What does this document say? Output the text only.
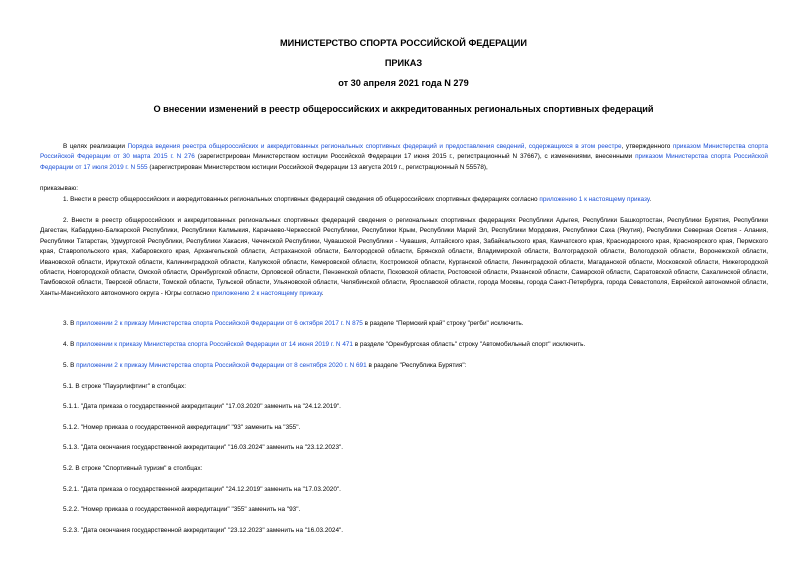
МИНИСТЕРСТВО СПОРТА РОССИЙСКОЙ ФЕДЕРАЦИИ
ПРИКАЗ
от 30 апреля 2021 года N 279
О внесении изменений в реестр общероссийских и аккредитованных региональных спортивных федераций

В целях реализации Порядка ведения реестра общероссийских и аккредитованных региональных спортивных федераций и предоставления сведений, содержащихся в этом реестре, утвержденного приказом Министерства спорта Российской Федерации от 30 марта 2015 г. N 276 (зарегистрирован Министерством юстиции Российской Федерации 17 июня 2015 г., регистрационный N 37667), с изменениями, внесенными приказом Министерства спорта Российской Федерации от 17 июля 2019 г. N 555 (зарегистрирован Министерством юстиции Российской Федерации 13 августа 2019 г., регистрационный N 55578),

приказываю:

1. Внести в реестр общероссийских и аккредитованных региональных спортивных федераций сведения об общероссийских спортивных федерациях согласно приложению 1 к настоящему приказу.

2. Внести в реестр общероссийских и аккредитованных региональных спортивных федераций сведения о региональных спортивных федерациях Республики Адыгея, Республики Башкортостан, Республики Бурятия, Республики Дагестан, Кабардино-Балкарской Республики, Республики Калмыкия, Карачаево-Черкесской Республики, Республики Крым, Республики Марий Эл, Республики Мордовия, Республики Саха (Якутия), Республики Северная Осетия - Алания, Республики Татарстан, Удмуртской Республики, Республики Хакасия, Чеченской Республики, Чувашской Республики - Чувашия, Алтайского края, Забайкальского края, Камчатского края, Краснодарского края, Красноярского края, Пермского края, Ставропольского края, Хабаровского края, Архангельской области, Астраханской области, Белгородской области, Брянской области, Владимирской области, Волгоградской области, Вологодской области, Воронежской области, Ивановской области, Иркутской области, Калининградской области, Калужской области, Кемеровской области, Костромской области, Курганской области, Ленинградской области, Магаданской области, Московской области, Нижегородской области, Новгородской области, Омской области, Оренбургской области, Орловской области, Пензенской области, Псковской области, Ростовской области, Рязанской области, Самарской области, Саратовской области, Сахалинской области, Тамбовской области, Тверской области, Томской области, Тульской области, Ульяновской области, Челябинской области, Ярославской области, города Москвы, города Санкт-Петербурга, города Севастополя, Еврейской автономной области, Ханты-Мансийского автономного округа - Югры согласно приложению 2 к настоящему приказу.

3. В приложении 2 к приказу Министерства спорта Российской Федерации от 6 октября 2017 г. N 875 в разделе "Пермский край" строку "регби" исключить.

4. В приложении к приказу Министерства спорта Российской Федерации от 14 июня 2019 г. N 471 в разделе "Оренбургская область" строку "Автомобильный спорт" исключить.

5. В приложении 2 к приказу Министерства спорта Российской Федерации от 8 сентября 2020 г. N 691 в разделе "Республика Бурятия":

5.1. В строке "Пауэрлифтинг" в столбцах:

5.1.1. "Дата приказа о государственной аккредитации" "17.03.2020" заменить на "24.12.2019".

5.1.2. "Номер приказа о государственной аккредитации" "93" заменить на "355".

5.1.3. "Дата окончания государственной аккредитации" "16.03.2024" заменить на "23.12.2023".

5.2. В строке "Спортивный туризм" в столбцах:

5.2.1. "Дата приказа о государственной аккредитации" "24.12.2019" заменить на "17.03.2020".

5.2.2. "Номер приказа о государственной аккредитации" "355" заменить на "93".

5.2.3. "Дата окончания государственной аккредитации" "23.12.2023" заменить на "16.03.2024".
